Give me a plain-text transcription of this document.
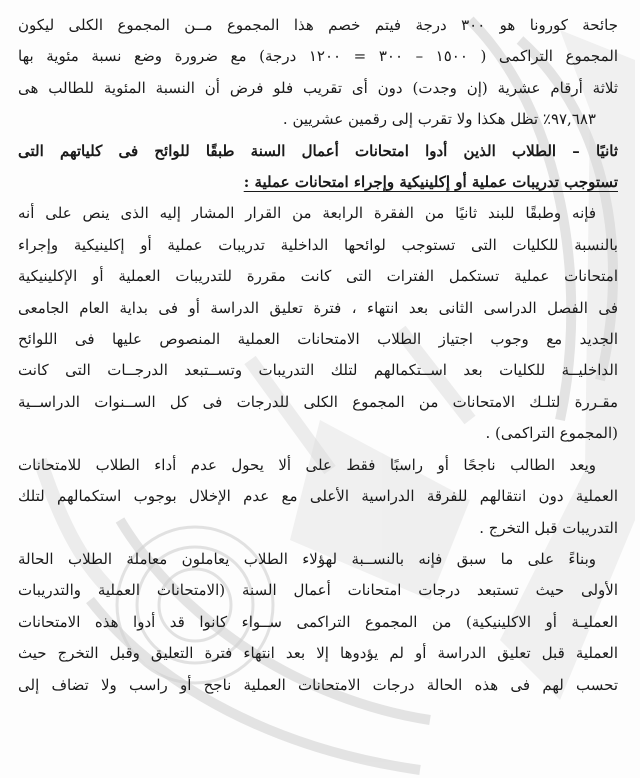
جائحة كورونا هو ٣٠٠ درجة فيتم خصم هذا المجموع مــن المجموع الكلى ليكون
المجموع التراكمى ( ١٥٠٠ – ٣٠٠ = ١٢٠٠ درجة) مع ضرورة وضع نسبة مئوية بها
ثلاثة أرقام عشرية (إن وجدت) دون أى تقريب فلو فرض أن النسبة المئوية للطالب هى
٩٧,٦٨٣٪ تظل هكذا ولا تقرب إلى رقمين عشريين .
ثانيًا – الطلاب الذين أدوا امتحانات أعمال السنة طبقًا للوائح فى كلياتهم التى
تستوجب تدريبات عملية أو إكلينيكية وإجراء امتحانات عملية :
فإنه وطبقًا للبند ثانيًا من الفقرة الرابعة من القرار المشار إليه الذى ينص على أنه
بالنسبة للكليات التى تستوجب لوائحها الداخلية تدريبات عملية أو إكلينيكية وإجراء
امتحانات عملية تستكمل الفترات التى كانت مقررة للتدريبات العملية أو الإكلينيكية
فى الفصل الدراسى الثانى بعد انتهاء ، فترة تعليق الدراسة أو فى بداية العام الجامعى
الجديد مع وجوب اجتياز الطلاب الامتحانات العملية المنصوص عليها فى اللوائح
الداخليــة للكليات بعد اســتكمالهم لتلك التدريبات وتســتبعد الدرجــات التى كانت
مقـررة لتلـك الامتحانات من المجموع الكلى للدرجات فى كل الســنوات الدراســية
(المجموع التراكمى) .
ويعد الطالب ناجحًا أو راسبًا فقط على ألا يحول عدم أداء الطلاب للامتحانات
العملية دون انتقالهم للفرقة الدراسية الأعلى مع عدم الإخلال بوجوب استكمالهم لتلك
التدريبات قبل التخرج .
وبناءً على ما سبق فإنه بالنســبة لهؤلاء الطلاب يعاملون معاملة الطلاب الحالة
الأولى حيث تستبعد درجات امتحانات أعمال السنة (الامتحانات العملية والتدريبات
العمليـة أو الاكلينيكية) من المجموع التراكمى ســواء كانوا قد أدوا هذه الامتحانات
العملية قبل تعليق الدراسة أو لم يؤدوها إلا بعد انتهاء فترة التعليق وقبل التخرج حيث
تحسب لهم فى هذه الحالة درجات الامتحانات العملية ناجح أو راسب ولا تضاف إلى
